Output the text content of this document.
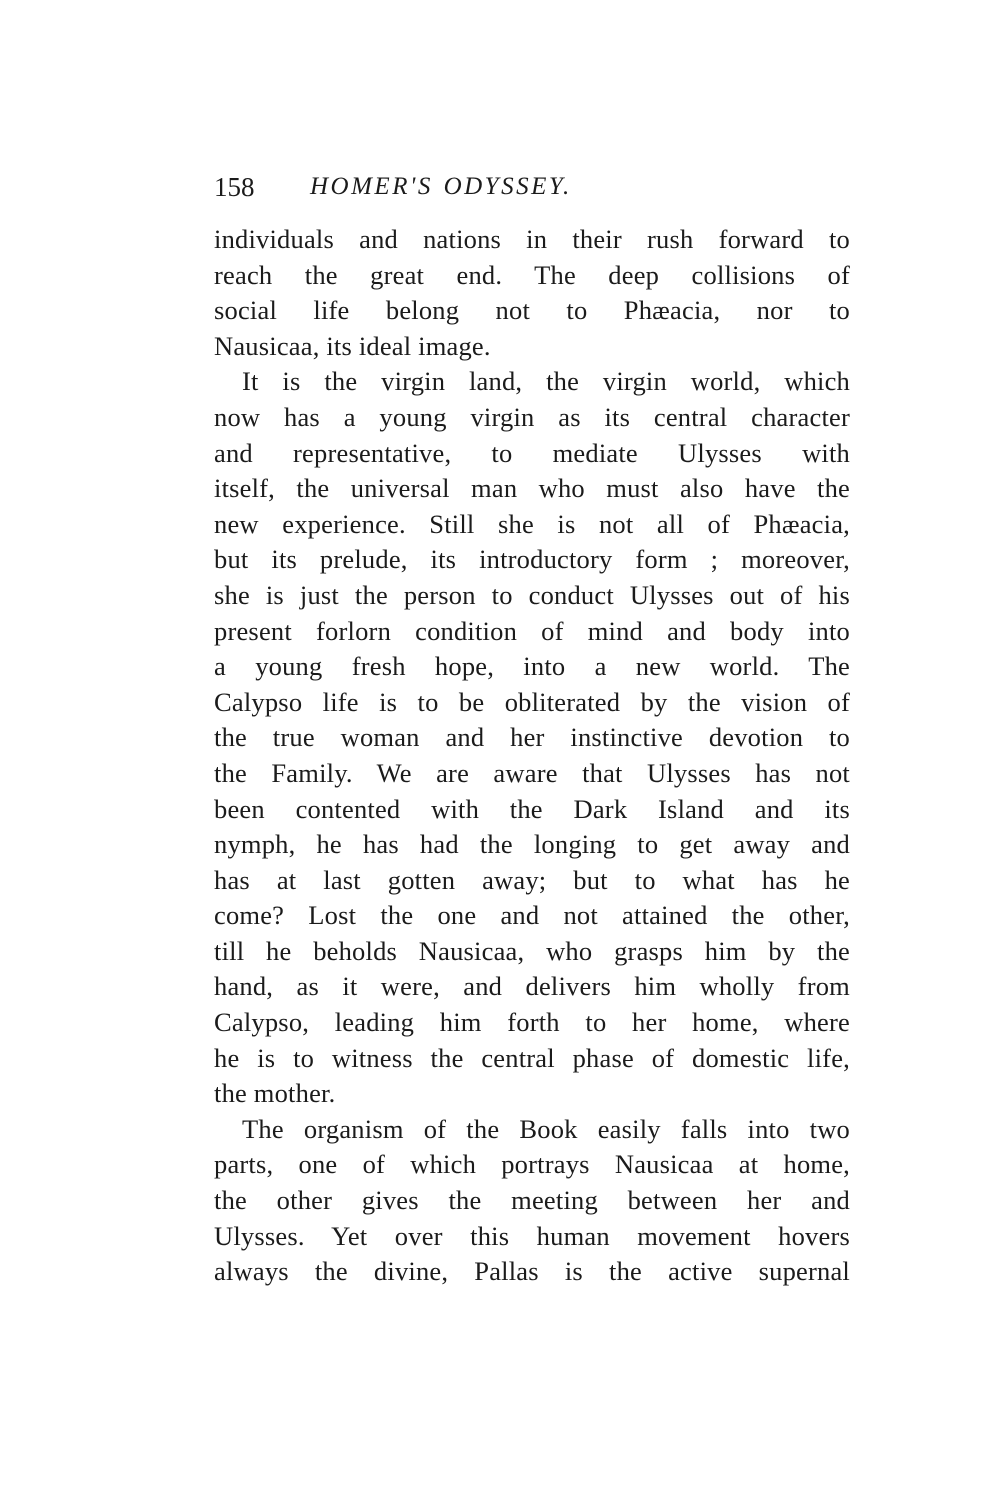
158 HOMER'S ODYSSEY.
individuals and nations in their rush forward to
reach the great end. The deep collisions of
social life belong not to Phæacia, nor to
Nausicaa, its ideal image.
It is the virgin land, the virgin world, which
now has a young virgin as its central character
and representative, to mediate Ulysses with
itself, the universal man who must also have the
new experience. Still she is not all of Phæacia,
but its prelude, its introductory form ; moreover,
she is just the person to conduct Ulysses out of his
present forlorn condition of mind and body into
a young fresh hope, into a new world. The
Calypso life is to be obliterated by the vision of
the true woman and her instinctive devotion to
the Family. We are aware that Ulysses has not
been contented with the Dark Island and its
nymph, he has had the longing to get away and
has at last gotten away; but to what has he
come? Lost the one and not attained the other,
till he beholds Nausicaa, who grasps him by the
hand, as it were, and delivers him wholly from
Calypso, leading him forth to her home, where
he is to witness the central phase of domestic life,
the mother.
The organism of the Book easily falls into two
parts, one of which portrays Nausicaa at home,
the other gives the meeting between her and
Ulysses. Yet over this human movement hovers
always the divine, Pallas is the active supernal
